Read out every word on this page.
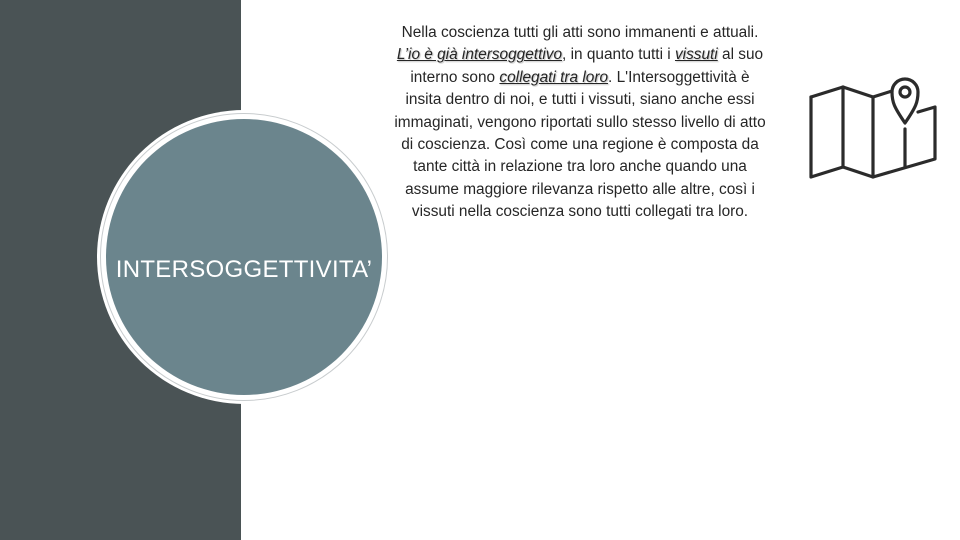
INTERSOGGETTIVITA’
Nella coscienza tutti gli atti sono immanenti e attuali. L’io è già intersoggettivo, in quanto tutti i vissuti al suo interno sono collegati tra loro. L'Intersoggettività è insita dentro di noi, e tutti i vissuti, siano anche essi immaginati, vengono riportati sullo stesso livello di atto di coscienza. Così come una regione è composta da tante città in relazione tra loro anche quando una assume maggiore rilevanza rispetto alle altre, così i vissuti nella coscienza sono tutti collegati tra loro.
